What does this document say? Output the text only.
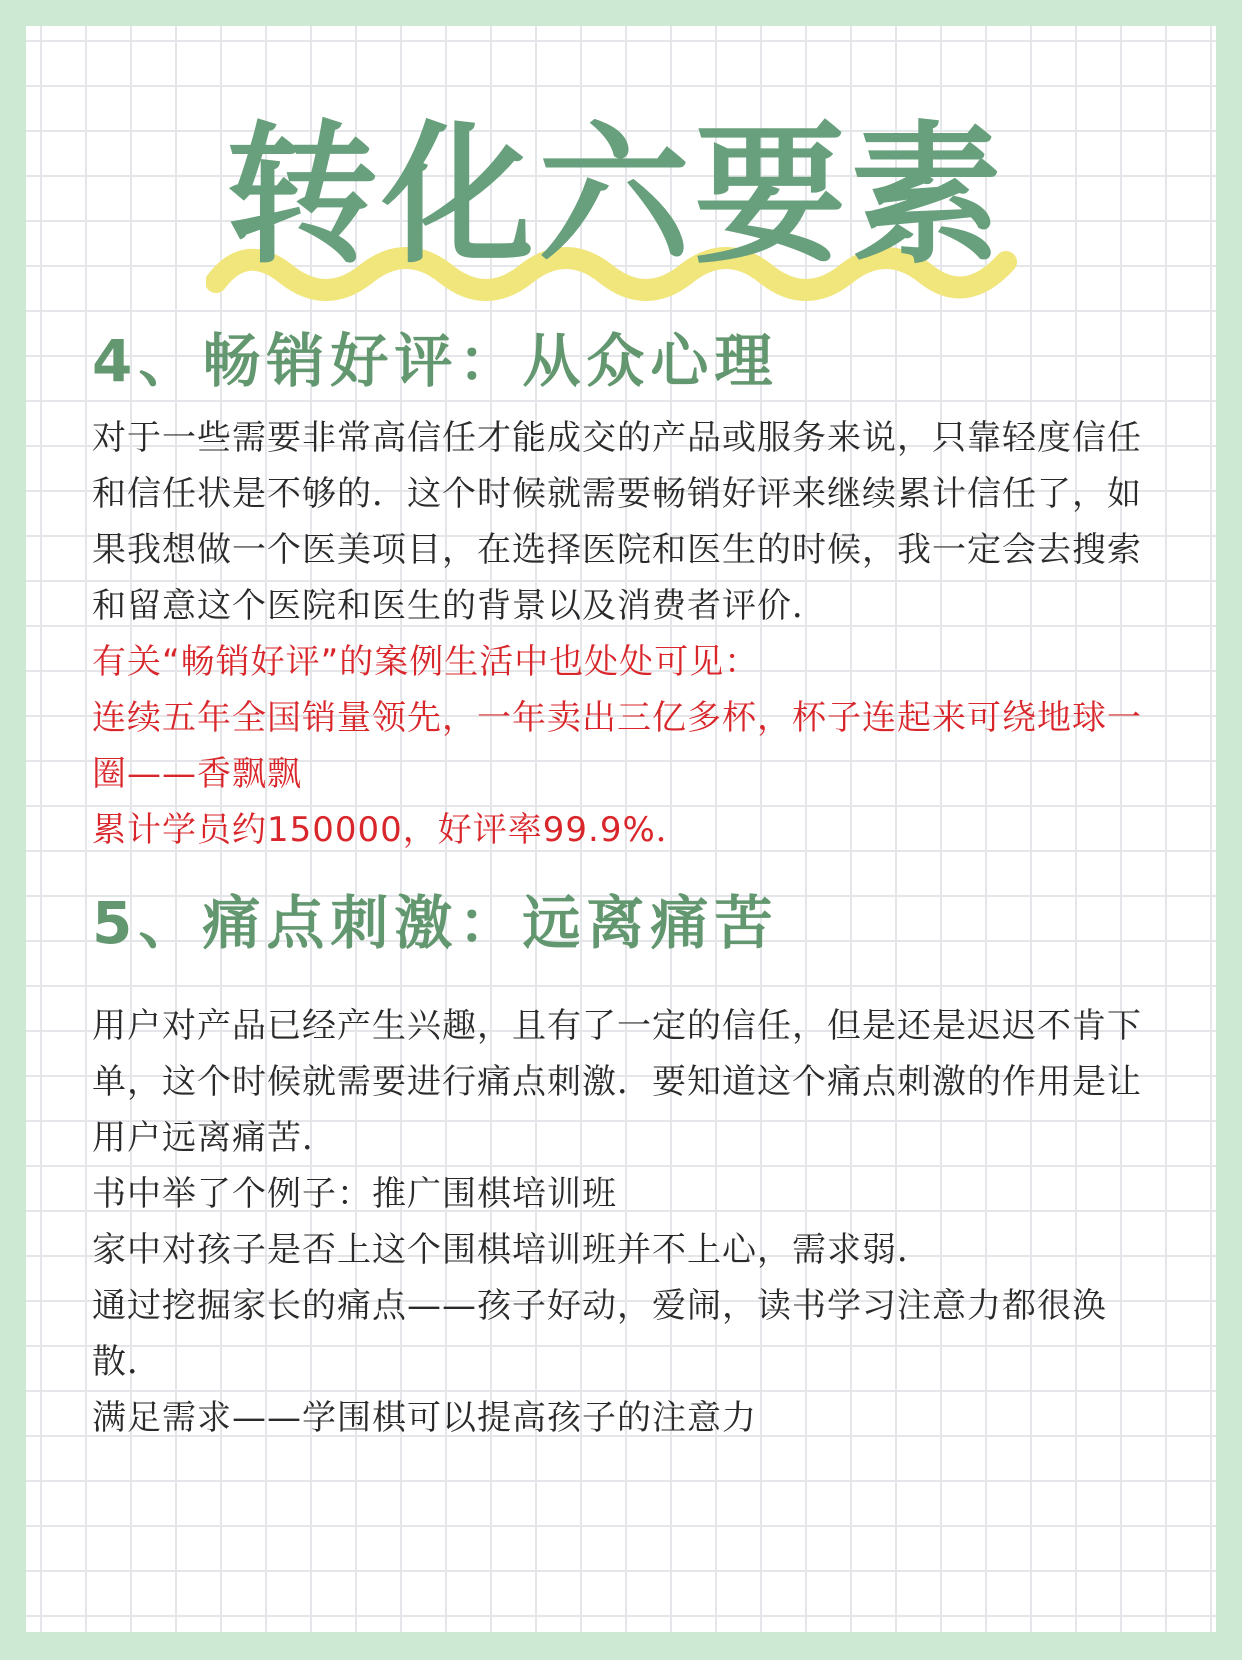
转化六要素
4、畅销好评：从众心理

对于一些需要非常高信任才能成交的产品或服务来说，只靠轻度信任和信任状是不够的．这个时候就需要畅销好评来继续累计信任了，如果我想做一个医美项目，在选择医院和医生的时候，我一定会去搜索和留意这个医院和医生的背景以及消费者评价．

有关“畅销好评”的案例生活中也处处可见：

连续五年全国销量领先，一年卖出三亿多杯，杯子连起来可绕地球一圈——香飘飘

累计学员约150000，好评率99.9%．

5、痛点刺激：远离痛苦

用户对产品已经产生兴趣，且有了一定的信任，但是还是迟迟不肯下单，这个时候就需要进行痛点刺激．要知道这个痛点刺激的作用是让用户远离痛苦．

书中举了个例子：推广围棋培训班

家中对孩子是否上这个围棋培训班并不上心，需求弱．

通过挖掘家长的痛点——孩子好动，爱闹，读书学习注意力都很涣散．

满足需求——学围棋可以提高孩子的注意力
